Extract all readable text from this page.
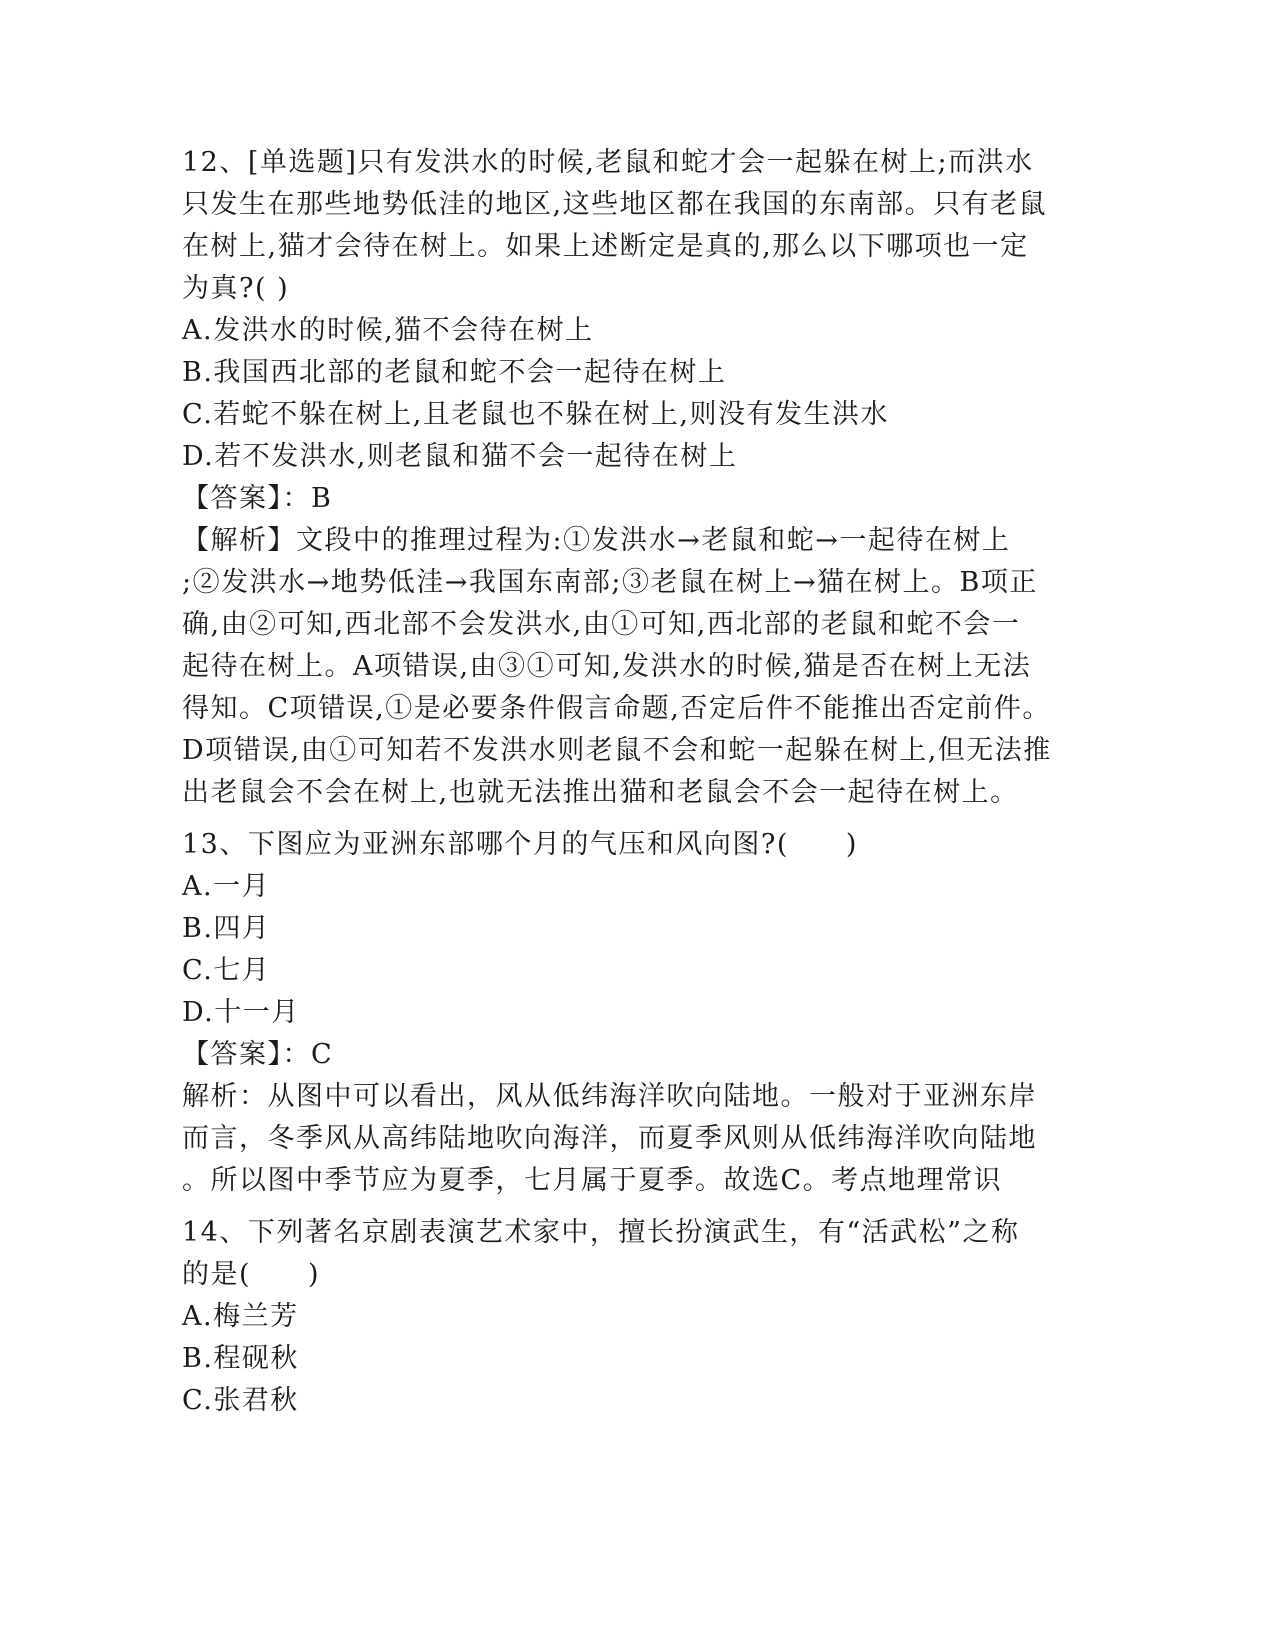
12、[单选题]只有发洪水的时候,老鼠和蛇才会一起躲在树上;而洪水
只发生在那些地势低洼的地区,这些地区都在我国的东南部。只有老鼠
在树上,猫才会待在树上。如果上述断定是真的,那么以下哪项也一定
为真?( )
A.发洪水的时候,猫不会待在树上
B.我国西北部的老鼠和蛇不会一起待在树上
C.若蛇不躲在树上,且老鼠也不躲在树上,则没有发生洪水
D.若不发洪水,则老鼠和猫不会一起待在树上
【答案】：B
【解析】文段中的推理过程为:①发洪水→老鼠和蛇→一起待在树上
;②发洪水→地势低洼→我国东南部;③老鼠在树上→猫在树上。B项正
确,由②可知,西北部不会发洪水,由①可知,西北部的老鼠和蛇不会一
起待在树上。A项错误,由③①可知,发洪水的时候,猫是否在树上无法
得知。C项错误,①是必要条件假言命题,否定后件不能推出否定前件。
D项错误,由①可知若不发洪水则老鼠不会和蛇一起躲在树上,但无法推
出老鼠会不会在树上,也就无法推出猫和老鼠会不会一起待在树上。
13、下图应为亚洲东部哪个月的气压和风向图?(　　)
A.一月
B.四月
C.七月
D.十一月
【答案】：C
解析：从图中可以看出，风从低纬海洋吹向陆地。一般对于亚洲东岸
而言，冬季风从高纬陆地吹向海洋，而夏季风则从低纬海洋吹向陆地
。所以图中季节应为夏季，七月属于夏季。故选C。考点地理常识
14、下列著名京剧表演艺术家中，擅长扮演武生，有“活武松”之称
的是(　　)
A.梅兰芳
B.程砚秋
C.张君秋
